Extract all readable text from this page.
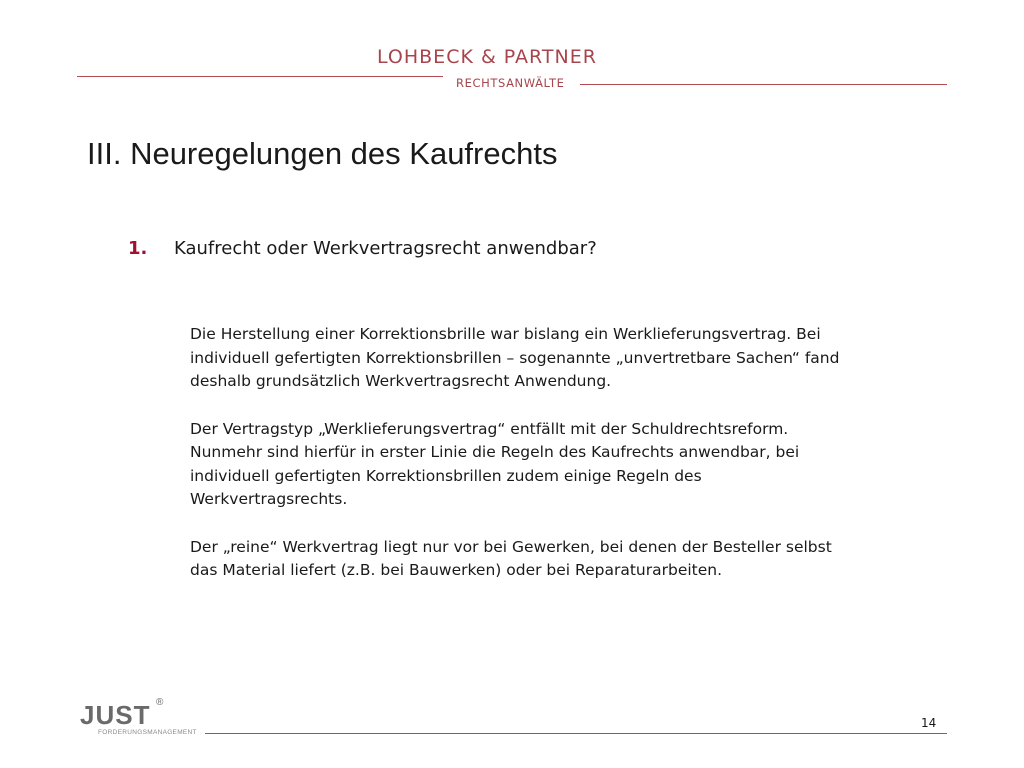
LOHBECK & PARTNER
RECHTSANWÄLTE
III. Neuregelungen des Kaufrechts
1.	Kaufrecht oder Werkvertragsrecht anwendbar?

Die Herstellung einer Korrektionsbrille war bislang ein Werklieferungsvertrag. Bei
individuell gefertigten Korrektionsbrillen – sogenannte „unvertretbare Sachen“ fand
deshalb grundsätzlich Werkvertragsrecht Anwendung.

Der Vertragstyp „Werklieferungsvertrag“ entfällt mit der Schuldrechtsreform.
Nunmehr sind hierfür in erster Linie die Regeln des Kaufrechts anwendbar, bei
individuell gefertigten Korrektionsbrillen zudem einige Regeln des
Werkvertragsrechts.

Der „reine“ Werkvertrag liegt nur vor bei Gewerken, bei denen der Besteller selbst
das Material liefert (z.B. bei Bauwerken) oder bei Reparaturarbeiten.

JUST ®
FORDERUNGSMANAGEMENT
14
